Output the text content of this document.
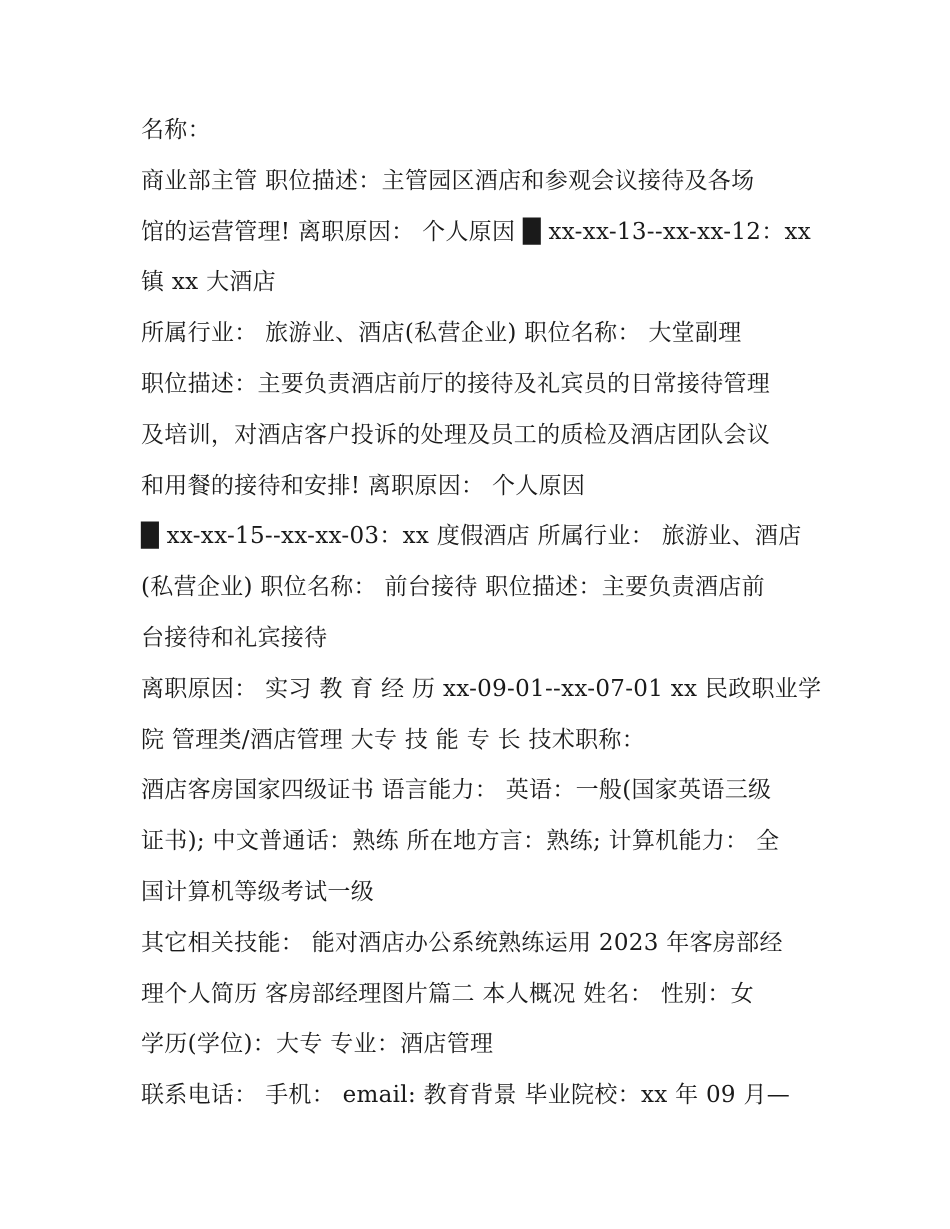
名称：
商业部主管 职位描述：主管园区酒店和参观会议接待及各场
馆的运营管理! 离职原因： 个人原因 █ xx-xx-13--xx-xx-12：xx
镇 xx 大酒店
所属行业： 旅游业、酒店(私营企业) 职位名称： 大堂副理
职位描述：主要负责酒店前厅的接待及礼宾员的日常接待管理
及培训，对酒店客户投诉的处理及员工的质检及酒店团队会议
和用餐的接待和安排! 离职原因： 个人原因
█ xx-xx-15--xx-xx-03：xx 度假酒店 所属行业： 旅游业、酒店
(私营企业) 职位名称： 前台接待 职位描述：主要负责酒店前
台接待和礼宾接待
离职原因： 实习 教 育 经 历 xx-09-01--xx-07-01 xx 民政职业学
院 管理类/酒店管理 大专 技 能 专 长 技术职称：
酒店客房国家四级证书 语言能力： 英语：一般(国家英语三级
证书); 中文普通话：熟练 所在地方言：熟练; 计算机能力： 全
国计算机等级考试一级
其它相关技能： 能对酒店办公系统熟练运用 2023 年客房部经
理个人简历 客房部经理图片篇二 本人概况 姓名： 性别：女
学历(学位)：大专 专业：酒店管理
联系电话： 手机： email: 教育背景 毕业院校：xx 年 09 月—
